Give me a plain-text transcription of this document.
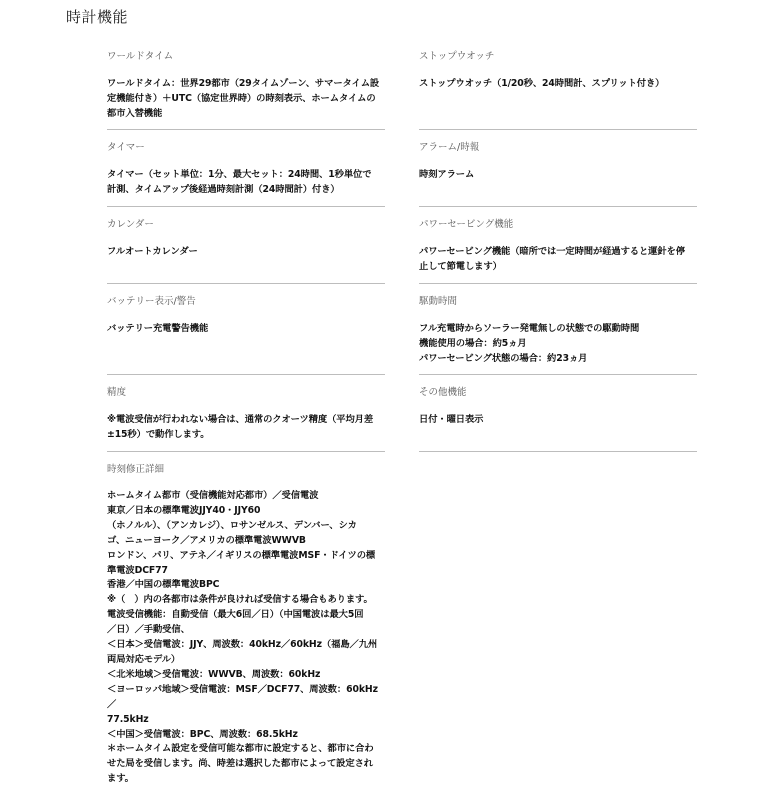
時計機能
ワールドタイム
ワールドタイム：世界29都市（29タイムゾーン、サマータイム設
定機能付き）＋UTC（協定世界時）の時刻表示、ホームタイムの
都市入替機能
タイマー
タイマー（セット単位：1分、最大セット：24時間、1秒単位で
計測、タイムアップ後経過時刻計測（24時間計）付き）
カレンダー
フルオートカレンダー
バッテリー表示/警告
バッテリー充電警告機能
精度
※電波受信が行われない場合は、通常のクオーツ精度（平均月差
±15秒）で動作します。
時刻修正詳細
ホームタイム都市（受信機能対応都市）／受信電波
東京／日本の標準電波JJY40・JJY60
（ホノルル）、（アンカレジ）、ロサンゼルス、デンバー、シカ
ゴ、ニューヨーク／アメリカの標準電波WWVB
ロンドン、パリ、アテネ／イギリスの標準電波MSF・ドイツの標
準電波DCF77
香港／中国の標準電波BPC
※（　）内の各都市は条件が良ければ受信する場合もあります。
電波受信機能：自動受信（最大6回／日）（中国電波は最大5回
／日）／手動受信、
＜日本＞受信電波：JJY、周波数：40kHz／60kHz（福島／九州
両局対応モデル）
＜北米地域＞受信電波：WWVB、周波数：60kHz
＜ヨーロッパ地域＞受信電波：MSF／DCF77、周波数：60kHz／
77.5kHz
＜中国＞受信電波：BPC、周波数：68.5kHz
＊ホームタイム設定を受信可能な都市に設定すると、都市に合わ
せた局を受信します。尚、時差は選択した都市によって設定され
ます。
ストップウオッチ
ストップウオッチ（1/20秒、24時間計、スプリット付き）
アラーム/時報
時刻アラーム
パワーセービング機能
パワーセービング機能（暗所では一定時間が経過すると運針を停
止して節電します）
駆動時間
フル充電時からソーラー発電無しの状態での駆動時間
機能使用の場合：約5ヵ月
パワーセービング状態の場合：約23ヵ月
その他機能
日付・曜日表示
